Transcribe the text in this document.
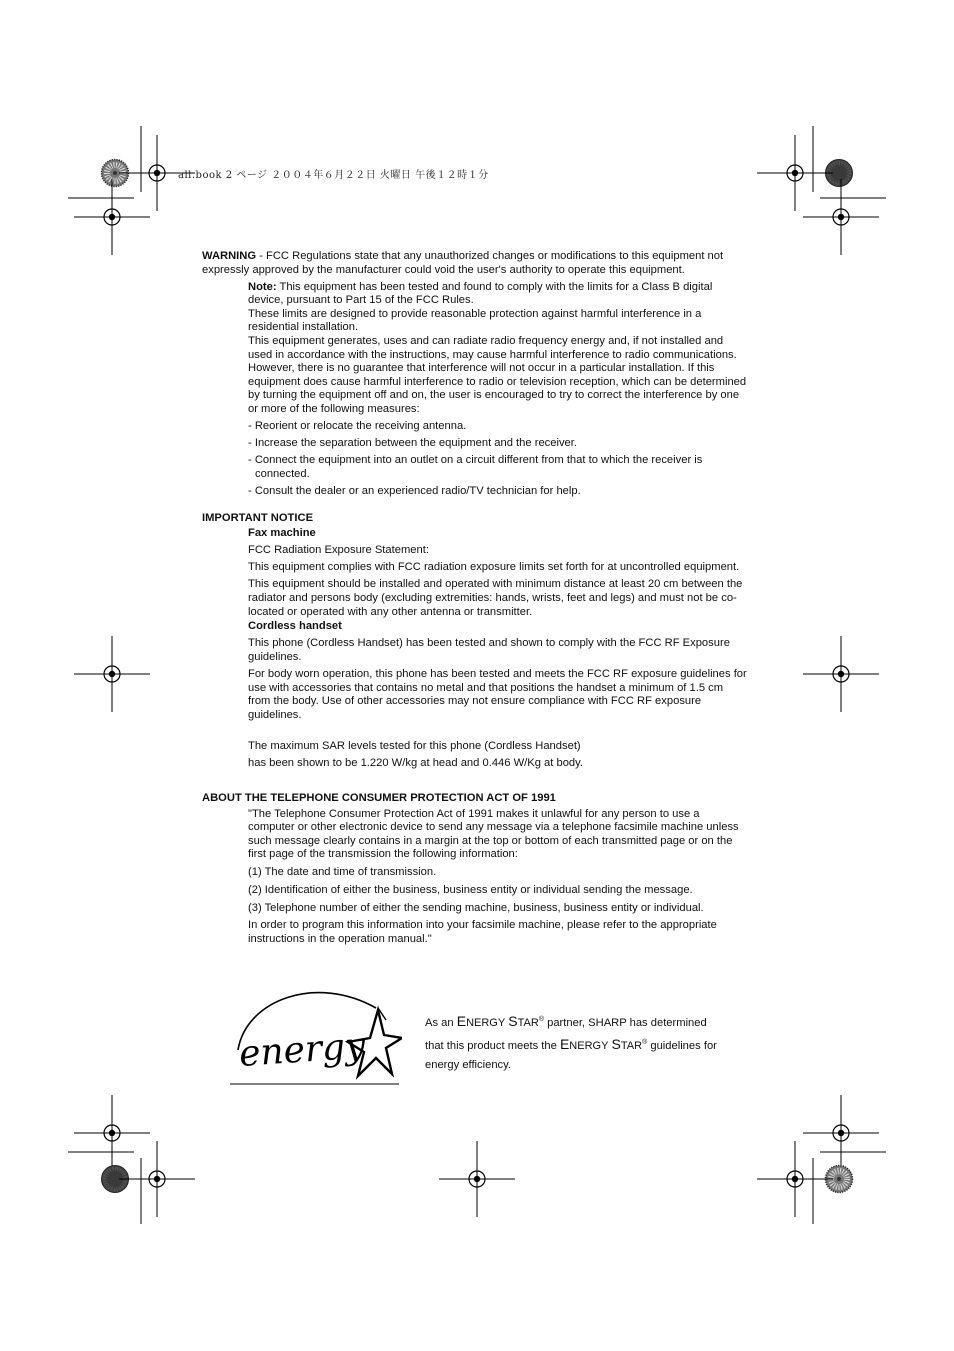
all.book 2 ページ ２００４年６月２２日 火曜日 午後１２時１分

WARNING - FCC Regulations state that any unauthorized changes or modifications to this equipment not expressly approved by the manufacturer could void the user's authority to operate this equipment.

Note: This equipment has been tested and found to comply with the limits for a Class B digital device, pursuant to Part 15 of the FCC Rules.

These limits are designed to provide reasonable protection against harmful interference in a residential installation.

This equipment generates, uses and can radiate radio frequency energy and, if not installed and used in accordance with the instructions, may cause harmful interference to radio communications. However, there is no guarantee that interference will not occur in a particular installation. If this equipment does cause harmful interference to radio or television reception, which can be determined by turning the equipment off and on, the user is encouraged to try to correct the interference by one or more of the following measures:

- Reorient or relocate the receiving antenna.
- Increase the separation between the equipment and the receiver.
- Connect the equipment into an outlet on a circuit different from that to which the receiver is connected.
- Consult the dealer or an experienced radio/TV technician for help.
IMPORTANT NOTICE

Fax machine

FCC Radiation Exposure Statement:

This equipment complies with FCC radiation exposure limits set forth for at uncontrolled equipment.

This equipment should be installed and operated with minimum distance at least 20 cm between the radiator and persons body (excluding extremities: hands, wrists, feet and legs) and must not be co-located or operated with any other antenna or transmitter.

Cordless handset

This phone (Cordless Handset) has been tested and shown to comply with the FCC RF Exposure guidelines.

For body worn operation, this phone has been tested and meets the FCC RF exposure guidelines for use with accessories that contains no metal and that positions the handset a minimum of 1.5 cm from the body. Use of other accessories may not ensure compliance with FCC RF exposure guidelines.

The maximum SAR levels tested for this phone (Cordless Handset)

has been shown to be 1.220 W/kg at head and 0.446 W/Kg at body.

ABOUT THE TELEPHONE CONSUMER PROTECTION ACT OF 1991

"The Telephone Consumer Protection Act of 1991 makes it unlawful for any person to use a computer or other electronic device to send any message via a telephone facsimile machine unless such message clearly contains in a margin at the top or bottom of each transmitted page or on the first page of the transmission the following information:

(1) The date and time of transmission.

(2) Identification of either the business, business entity or individual sending the message.

(3) Telephone number of either the sending machine, business, business entity or individual.

In order to program this information into your facsimile machine, please refer to the appropriate instructions in the operation manual."

energy
As an ENERGY STAR® partner, SHARP has determined that this product meets the ENERGY STAR® guidelines for energy efficiency.
